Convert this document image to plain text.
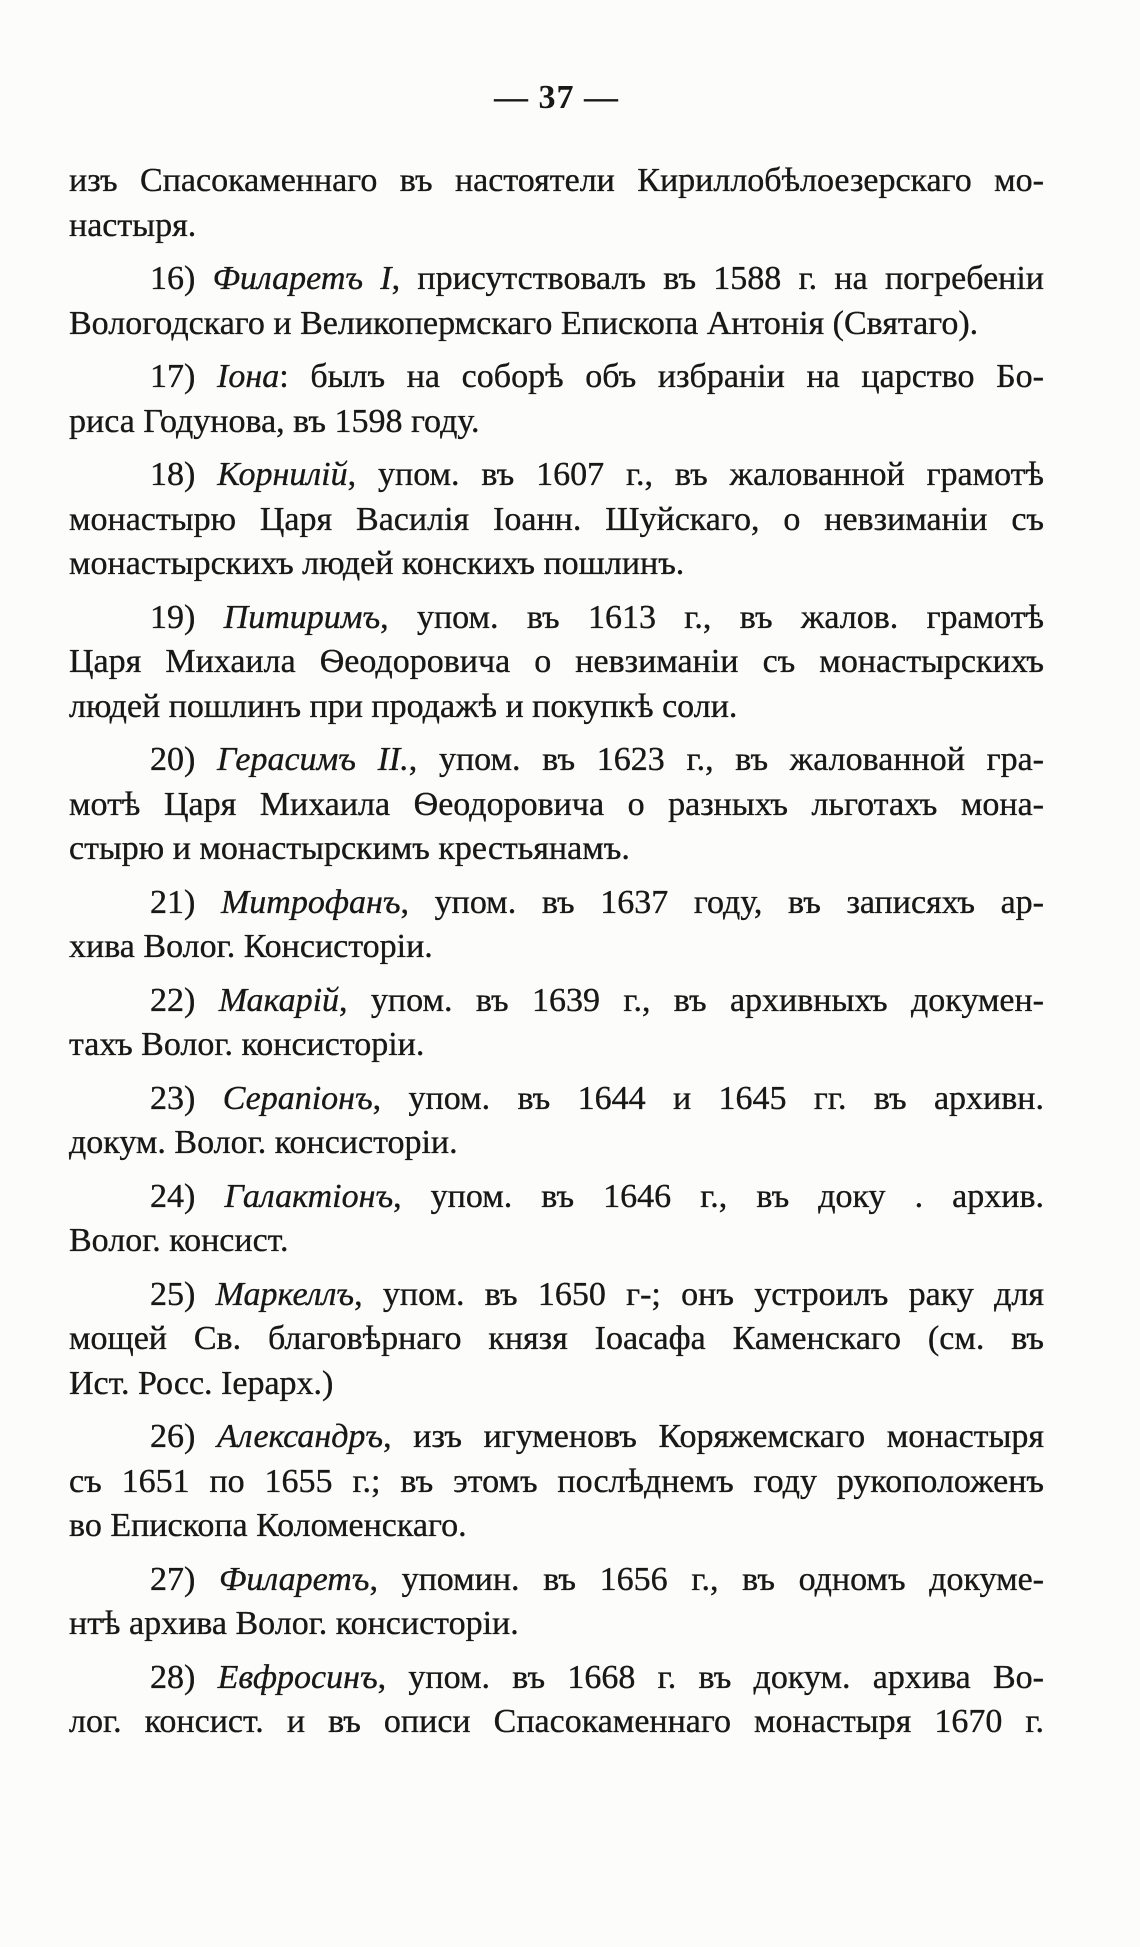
— 37 —
изъ Спасокаменнаго въ настоятели Кириллобѣлоезерскаго мо-
настыря.
16) Филаретъ I, присутствовалъ въ 1588 г. на погребеніи
Вологодскаго и Великопермскаго Епископа Антонія (Святаго).
17) Іона: былъ на соборѣ объ избраніи на царство Бо-
риса Годунова, въ 1598 году.
18) Корнилій, упом. въ 1607 г., въ жалованной грамотѣ
монастырю Царя Василія Іоанн. Шуйскаго, о невзиманіи съ
монастырскихъ людей конскихъ пошлинъ.
19) Питиримъ, упом. въ 1613 г., въ жалов. грамотѣ
Царя Михаила Ѳеодоровича о невзиманіи съ монастырскихъ
людей пошлинъ при продажѣ и покупкѣ соли.
20) Герасимъ II., упом. въ 1623 г., въ жалованной гра-
мотѣ Царя Михаила Ѳеодоровича о разныхъ льготахъ мона-
стырю и монастырскимъ крестьянамъ.
21) Митрофанъ, упом. въ 1637 году, въ записяхъ ар-
хива Волог. Консисторіи.
22) Макарій, упом. въ 1639 г., въ архивныхъ докумен-
тахъ Волог. консисторіи.
23) Серапіонъ, упом. въ 1644 и 1645 гг. въ архивн.
докум. Волог. консисторіи.
24) Галактіонъ, упом. въ 1646 г., въ доку . архив.
Волог. консист.
25) Маркеллъ, упом. въ 1650 г-; онъ устроилъ раку для
мощей Св. благовѣрнаго князя Іоасафа Каменскаго (см. въ
Ист. Росс. Іерарх.)
26) Александръ, изъ игуменовъ Коряжемскаго монастыря
съ 1651 по 1655 г.; въ этомъ послѣднемъ году рукоположенъ
во Епископа Коломенскаго.
27) Филаретъ, упомин. въ 1656 г., въ одномъ докуме-
нтѣ архива Волог. консисторіи.
28) Евфросинъ, упом. въ 1668 г. въ докум. архива Во-
лог. консист. и въ описи Спасокаменнаго монастыря 1670 г.
